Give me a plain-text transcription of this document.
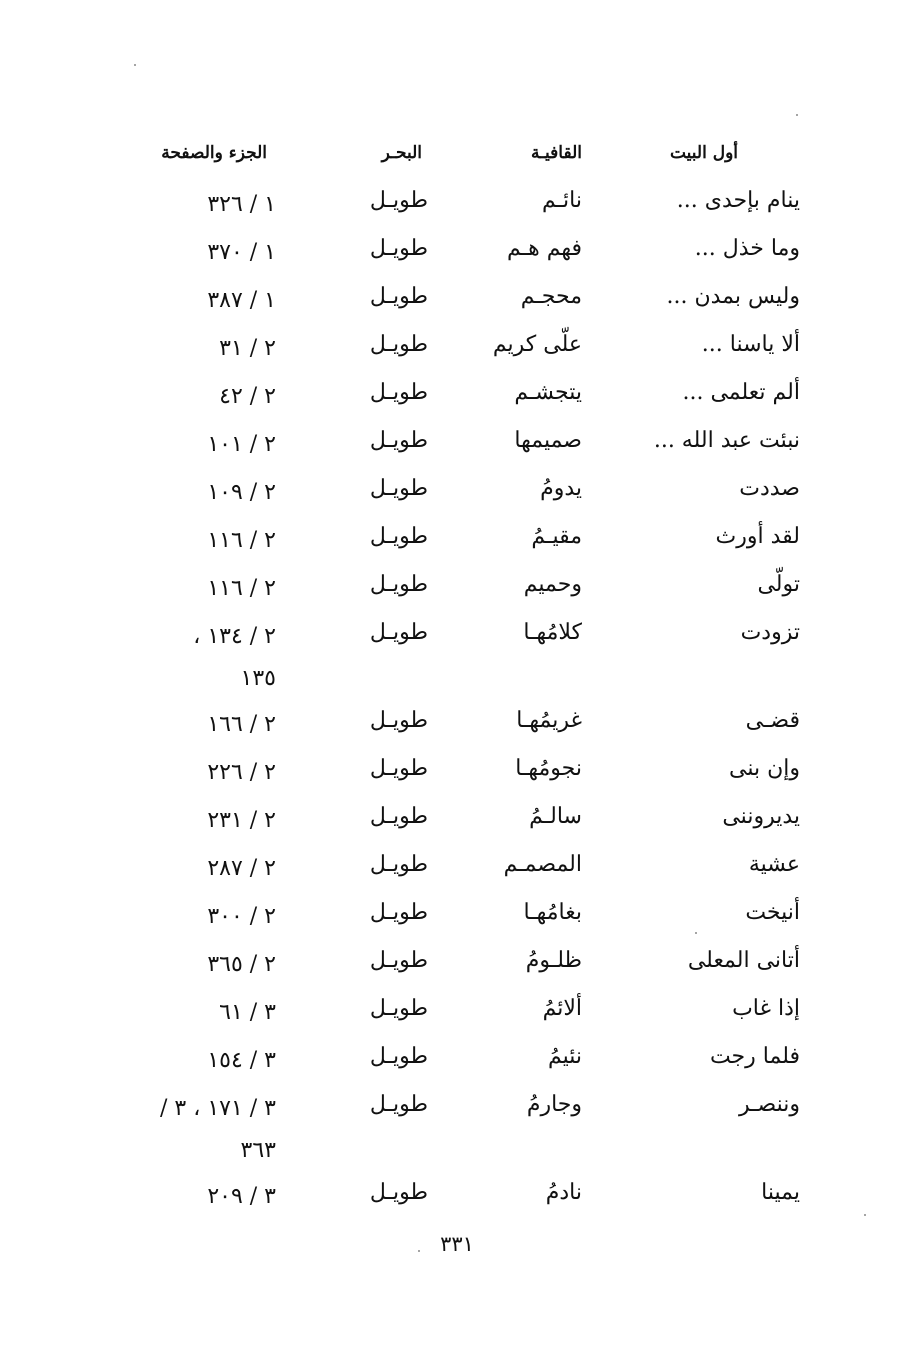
أول البيت
القافيـة
البحـر
الجزء والصفحة
ينام بإحدى ...
نائـم
طويـل
١ / ٣٢٦
وما خذل ...
فهم هـم
طويـل
١ / ٣٧٠
وليس بمدن ...
محجـم
طويـل
١ / ٣٨٧
ألا ياسنا ...
علّى كريم
طويـل
٢ / ٣١
ألم تعلمى ...
يتجشـم
طويـل
٢ / ٤٢
نبئت عبد الله ...
صميمها
طويـل
٢ / ١٠١
صددت
يدومُ
طويـل
٢ / ١٠٩
لقد أورث
مقيـمُ
طويـل
٢ / ١١٦
تولّى
وحميم
طويـل
٢ / ١١٦
تزودت
كلامُهـا
طويـل
٢ / ١٣٤ ، ١٣٥
قضـى
غريمُهـا
طويـل
٢ / ١٦٦
وإن بنى
نجومُهـا
طويـل
٢ / ٢٢٦
يديروننى
سالـمُ
طويـل
٢ / ٢٣١
عشية
المصمـم
طويـل
٢ / ٢٨٧
أنيخت
بغامُهـا
طويـل
٢ / ٣٠٠
أتانى المعلى
ظلـومُ
طويـل
٢ / ٣٦٥
إذا غاب
ألائمُ
طويـل
٣ / ٦١
فلما رجت
نئيمُ
طويـل
٣ / ١٥٤
وننصـر
وجارمُ
طويـل
٣ / ١٧١ ، ٣ / ٣٦٣
يمينا
نادمُ
طويـل
٣ / ٢٠٩
٣٣١
